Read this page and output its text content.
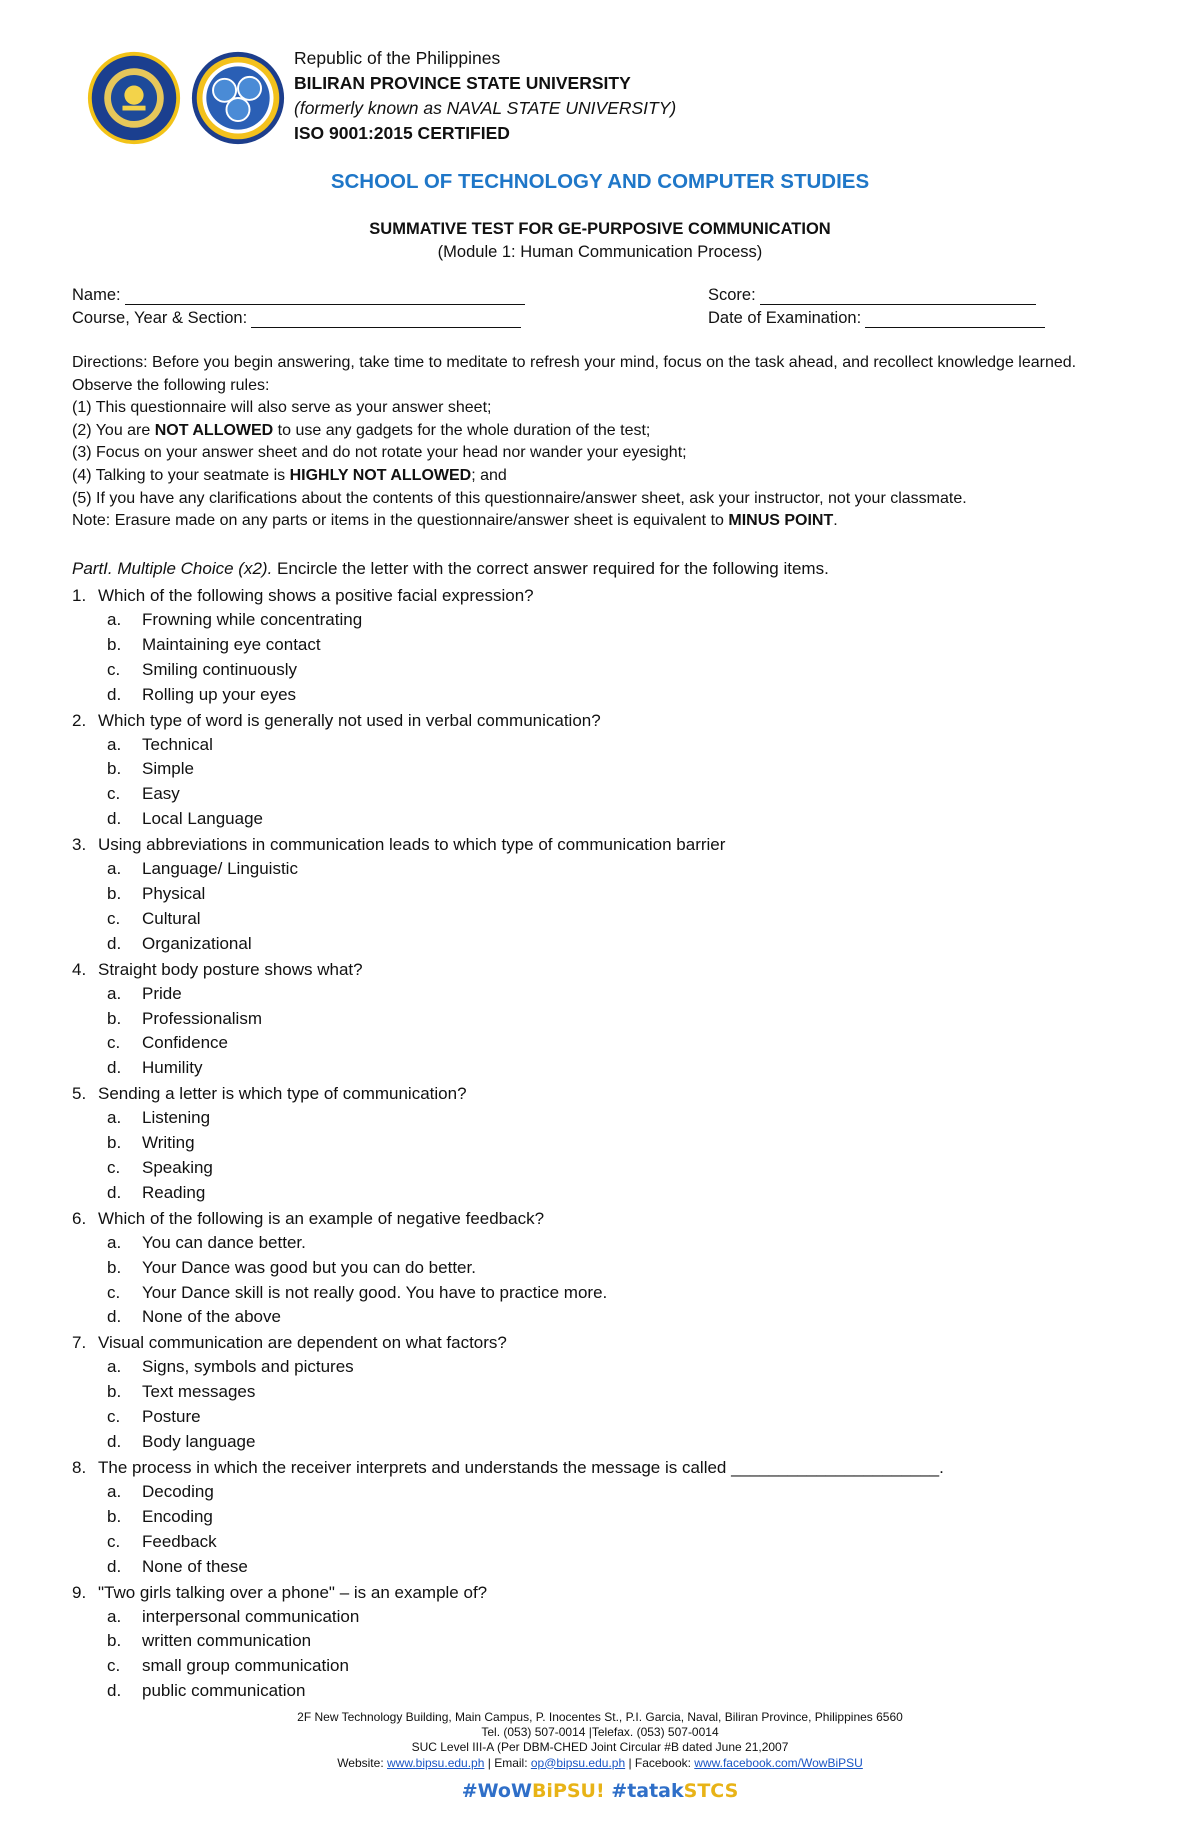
Republic of the Philippines
BILIRAN PROVINCE STATE UNIVERSITY
(formerly known as NAVAL STATE UNIVERSITY)
ISO 9001:2015 CERTIFIED
SCHOOL OF TECHNOLOGY AND COMPUTER STUDIES
SUMMATIVE TEST FOR GE-PURPOSIVE COMMUNICATION
(Module 1: Human Communication Process)
Name:	Score:
Course, Year & Section:	Date of Examination:
Directions: Before you begin answering, take time to meditate to refresh your mind, focus on the task ahead, and recollect knowledge learned.
Observe the following rules:
(1) This questionnaire will also serve as your answer sheet;
(2) You are NOT ALLOWED to use any gadgets for the whole duration of the test;
(3) Focus on your answer sheet and do not rotate your head nor wander your eyesight;
(4) Talking to your seatmate is HIGHLY NOT ALLOWED; and
(5) If you have any clarifications about the contents of this questionnaire/answer sheet, ask your instructor, not your classmate.
Note: Erasure made on any parts or items in the questionnaire/answer sheet is equivalent to MINUS POINT.
PartI. Multiple Choice (x2). Encircle the letter with the correct answer required for the following items.
1. Which of the following shows a positive facial expression?
a. Frowning while concentrating
b. Maintaining eye contact
c. Smiling continuously
d. Rolling up your eyes
2. Which type of word is generally not used in verbal communication?
a. Technical
b. Simple
c. Easy
d. Local Language
3. Using abbreviations in communication leads to which type of communication barrier
a. Language/ Linguistic
b. Physical
c. Cultural
d. Organizational
4. Straight body posture shows what?
a. Pride
b. Professionalism
c. Confidence
d. Humility
5. Sending a letter is which type of communication?
a. Listening
b. Writing
c. Speaking
d. Reading
6. Which of the following is an example of negative feedback?
a. You can dance better.
b. Your Dance was good but you can do better.
c. Your Dance skill is not really good. You have to practice more.
d. None of the above
7. Visual communication are dependent on what factors?
a. Signs, symbols and pictures
b. Text messages
c. Posture
d. Body language
8. The process in which the receiver interprets and understands the message is called ______________________.
a. Decoding
b. Encoding
c. Feedback
d. None of these
9. "Two girls talking over a phone" – is an example of?
a. interpersonal communication
b. written communication
c. small group communication
d. public communication
2F New Technology Building, Main Campus, P. Inocentes St., P.I. Garcia, Naval, Biliran Province, Philippines 6560
Tel. (053) 507-0014 |Telefax. (053) 507-0014
SUC Level III-A (Per DBM-CHED Joint Circular #B dated June 21,2007
Website: www.bipsu.edu.ph | Email: op@bipsu.edu.ph | Facebook: www.facebook.com/WowBiPSU
#WoWBiPSU! #tatakSTCS
